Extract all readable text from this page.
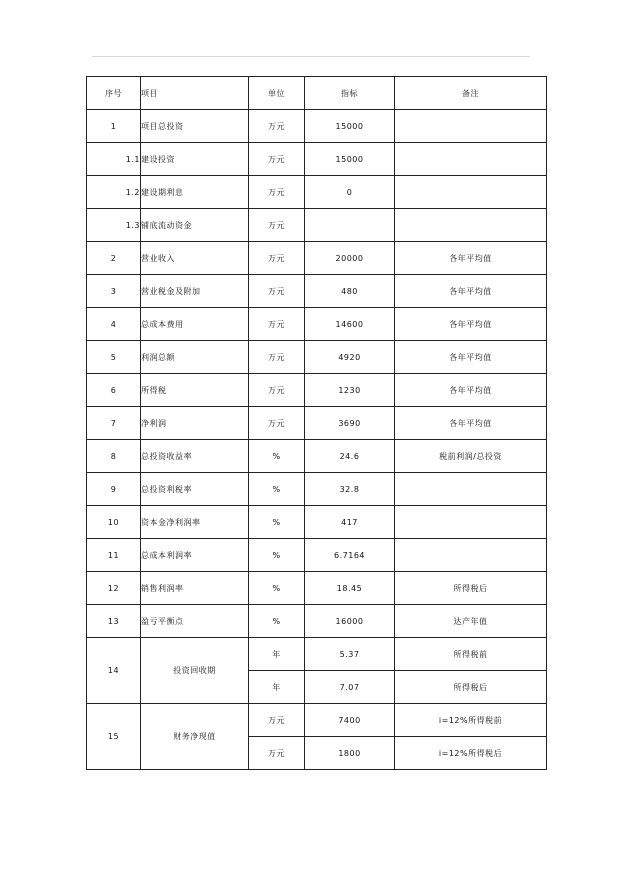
序号	项目	单位	指标	备注
1	项目总投资	万元	15000	
1.1	建设投资	万元	15000	
1.2	建设期利息	万元	0	
1.3	铺底流动资金	万元		
2	营业收入	万元	20000	各年平均值
3	营业税金及附加	万元	480	各年平均值
4	总成本费用	万元	14600	各年平均值
5	利润总额	万元	4920	各年平均值
6	所得税	万元	1230	各年平均值
7	净利润	万元	3690	各年平均值
8	总投资收益率	%	24.6	税前利润/总投资
9	总投资利税率	%	32.8	
10	资本金净利润率	%	417	
11	总成本利润率	%	6.7164	
12	销售利润率	%	18.45	所得税后
13	盈亏平衡点	%	16000	达产年值
14	投资回收期	年	5.37	所得税前
		年	7.07	所得税后
15	财务净现值	万元	7400	i=12%所得税前
		万元	1800	i=12%所得税后
